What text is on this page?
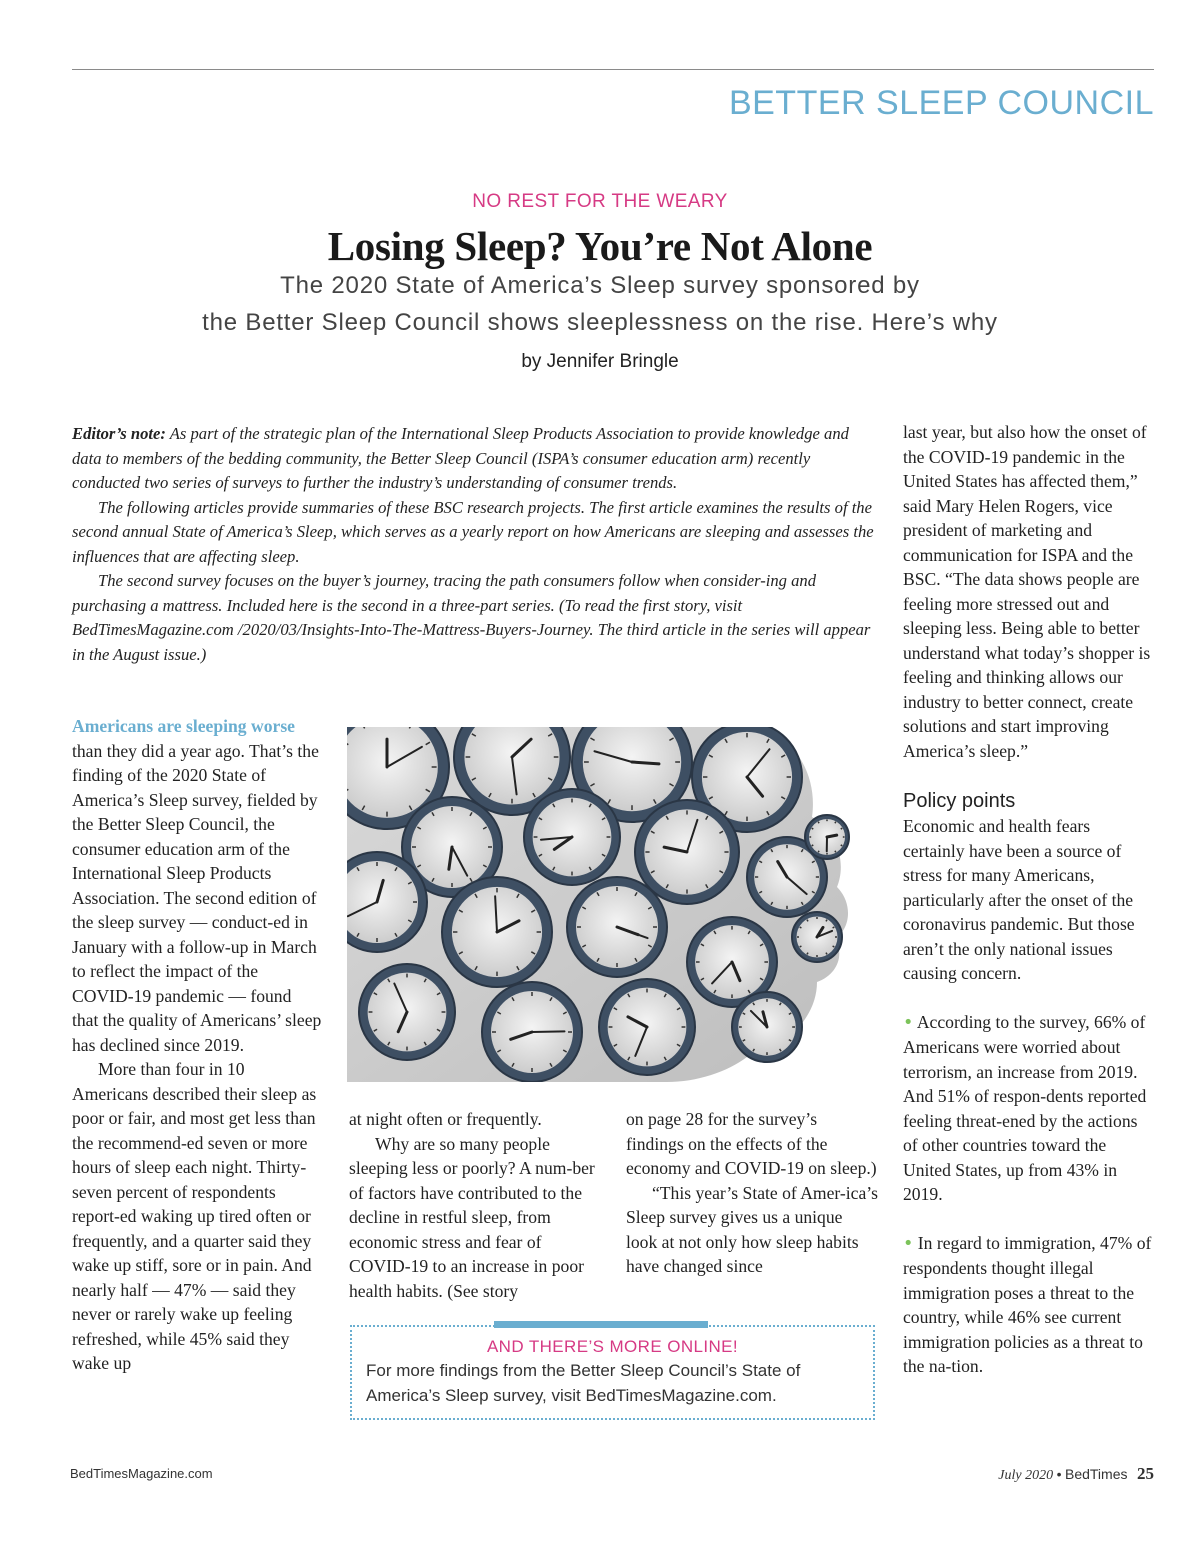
BETTER SLEEP COUNCIL
NO REST FOR THE WEARY
Losing Sleep? You’re Not Alone
The 2020 State of America’s Sleep survey sponsored by
the Better Sleep Council shows sleeplessness on the rise. Here’s why
by Jennifer Bringle

Editor’s note: As part of the strategic plan of the International Sleep Products Association to provide knowledge and data to members of the bedding community, the Better Sleep Council (ISPA’s consumer education arm) recently conducted two series of surveys to further the industry’s understanding of consumer trends.

The following articles provide summaries of these BSC research projects. The first article examines the results of the second annual State of America’s Sleep, which serves as a yearly report on how Americans are sleeping and assesses the influences that are affecting sleep.

The second survey focuses on the buyer’s journey, tracing the path consumers follow when consider-ing and purchasing a mattress. Included here is the second in a three-part series. (To read the first story, visit BedTimesMagazine.com /2020/03/Insights-Into-The-Mattress-Buyers-Journey. The third article in the series will appear in the August issue.)

Americans are sleeping worse than they did a year ago. That’s the finding of the 2020 State of America’s Sleep survey, fielded by the Better Sleep Council, the consumer education arm of the International Sleep Products Association. The second edition of the sleep survey — conduct-ed in January with a follow-up in March to reflect the impact of the COVID-19 pandemic — found that the quality of Americans’ sleep has declined since 2019.

More than four in 10 Americans described their sleep as poor or fair, and most get less than the recommend-ed seven or more hours of sleep each night. Thirty-seven percent of respondents report-ed waking up tired often or frequently, and a quarter said they wake up stiff, sore or in pain. And nearly half — 47% — said they never or rarely wake up feeling refreshed, while 45% said they wake up

at night often or frequently.

Why are so many people sleeping less or poorly? A num-ber of factors have contributed to the decline in restful sleep, from economic stress and fear of COVID-19 to an increase in poor health habits. (See story

on page 28 for the survey’s findings on the effects of the economy and COVID-19 on sleep.)

“This year’s State of Amer-ica’s Sleep survey gives us a unique look at not only how sleep habits have changed since

last year, but also how the onset of the COVID-19 pandemic in the United States has affected them,” said Mary Helen Rogers, vice president of marketing and communication for ISPA and the BSC. “The data shows people are feeling more stressed out and sleeping less. Being able to better understand what today’s shopper is feeling and thinking allows our industry to better connect, create solutions and start improving America’s sleep.”

Policy points

Economic and health fears certainly have been a source of stress for many Americans, particularly after the onset of the coronavirus pandemic. But those aren’t the only national issues causing concern.

• According to the survey, 66% of Americans were worried about terrorism, an increase from 2019. And 51% of respon-dents reported feeling threat-ened by the actions of other countries toward the United States, up from 43% in 2019.

• In regard to immigration, 47% of respondents thought illegal immigration poses a threat to the country, while 46% see current immigration policies as a threat to the na-tion.

AND THERE’S MORE ONLINE!
For more findings from the Better Sleep Council’s State of America’s Sleep survey, visit BedTimesMagazine.com.
BedTimesMagazine.com	July 2020 • BedTimes 25
